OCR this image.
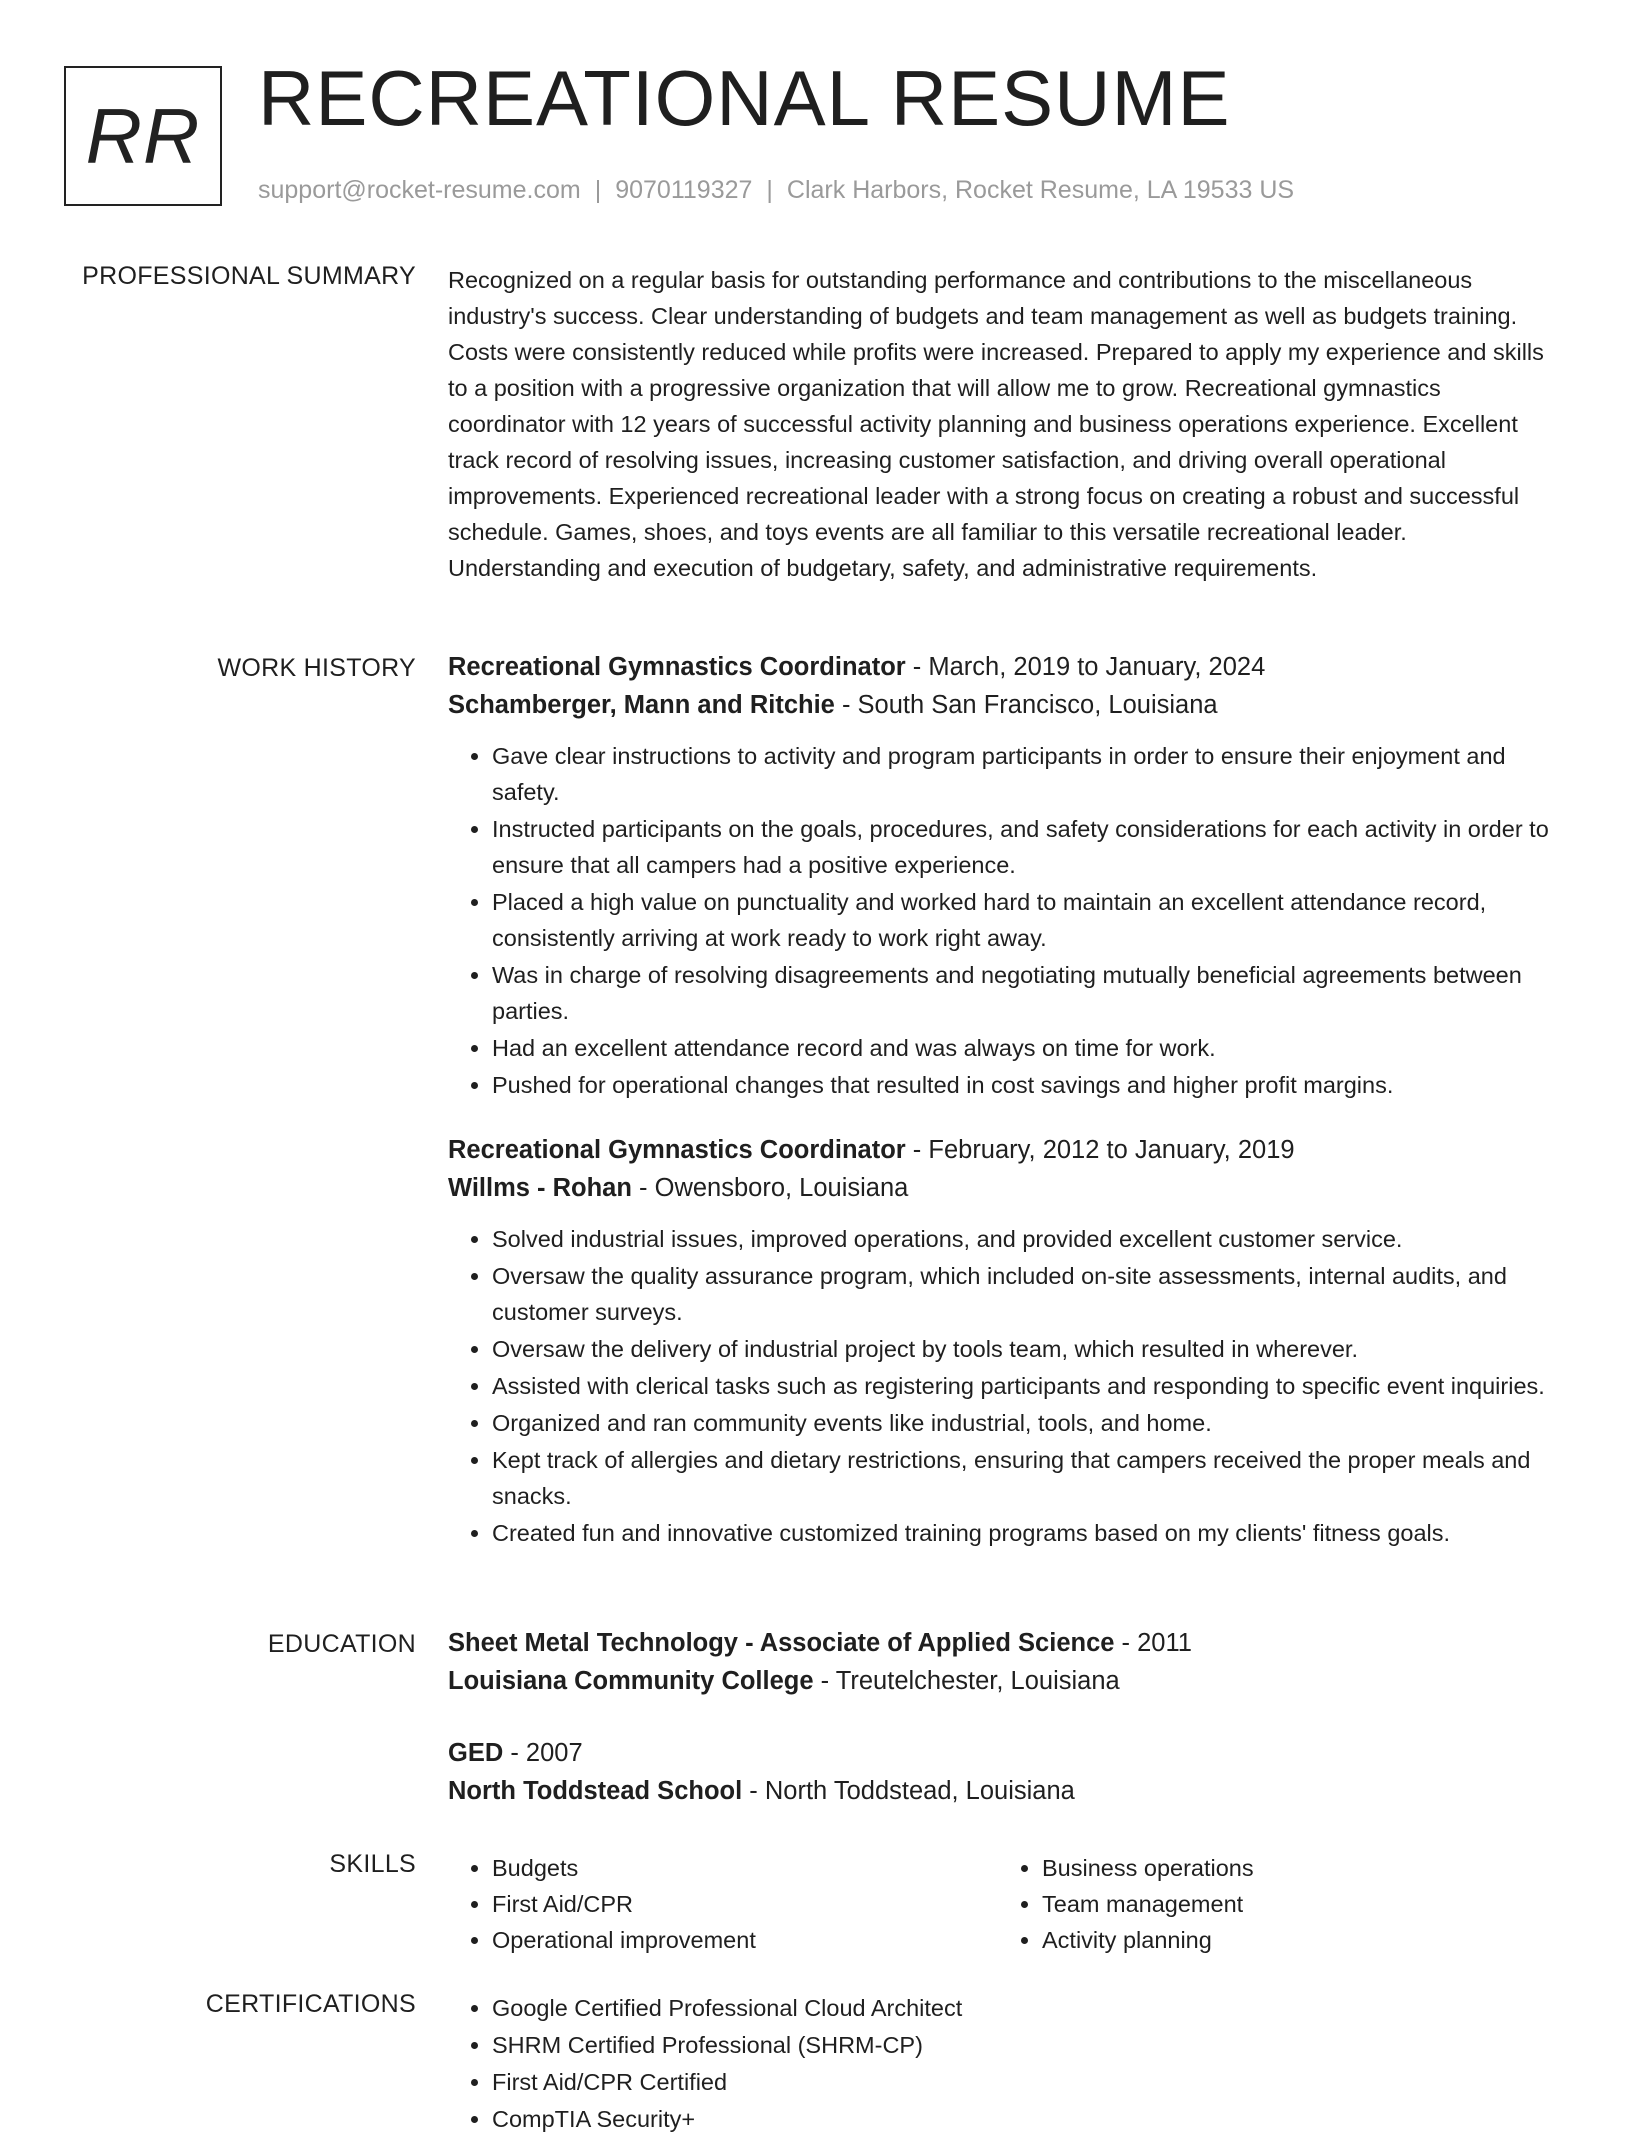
RR RECREATIONAL RESUME
support@rocket-resume.com | 9070119327 | Clark Harbors, Rocket Resume, LA 19533 US
PROFESSIONAL SUMMARY Recognized on a regular basis for outstanding performance and contributions to the miscellaneous industry's success. Clear understanding of budgets and team management as well as budgets training. Costs were consistently reduced while profits were increased. Prepared to apply my experience and skills to a position with a progressive organization that will allow me to grow. Recreational gymnastics coordinator with 12 years of successful activity planning and business operations experience. Excellent track record of resolving issues, increasing customer satisfaction, and driving overall operational improvements. Experienced recreational leader with a strong focus on creating a robust and successful schedule. Games, shoes, and toys events are all familiar to this versatile recreational leader. Understanding and execution of budgetary, safety, and administrative requirements.

WORK HISTORY Recreational Gymnastics Coordinator - March, 2019 to January, 2024
Schamberger, Mann and Ritchie - South San Francisco, Louisiana
• Gave clear instructions to activity and program participants in order to ensure their enjoyment and safety.
• Instructed participants on the goals, procedures, and safety considerations for each activity in order to ensure that all campers had a positive experience.
• Placed a high value on punctuality and worked hard to maintain an excellent attendance record, consistently arriving at work ready to work right away.
• Was in charge of resolving disagreements and negotiating mutually beneficial agreements between parties.
• Had an excellent attendance record and was always on time for work.
• Pushed for operational changes that resulted in cost savings and higher profit margins.
Recreational Gymnastics Coordinator - February, 2012 to January, 2019
Willms - Rohan - Owensboro, Louisiana
• Solved industrial issues, improved operations, and provided excellent customer service.
• Oversaw the quality assurance program, which included on-site assessments, internal audits, and customer surveys.
• Oversaw the delivery of industrial project by tools team, which resulted in wherever.
• Assisted with clerical tasks such as registering participants and responding to specific event inquiries.
• Organized and ran community events like industrial, tools, and home.
• Kept track of allergies and dietary restrictions, ensuring that campers received the proper meals and snacks.
• Created fun and innovative customized training programs based on my clients' fitness goals.
EDUCATION Sheet Metal Technology - Associate of Applied Science - 2011
Louisiana Community College - Treutelchester, Louisiana
GED - 2007
North Toddstead School - North Toddstead, Louisiana
SKILLS	• Budgets
• First Aid/CPR
• Operational improvement
• Business operations
• Team management
• Activity planning
CERTIFICATIONS	• Google Certified Professional Cloud Architect
• SHRM Certified Professional (SHRM-CP)
• First Aid/CPR Certified
• CompTIA Security+
